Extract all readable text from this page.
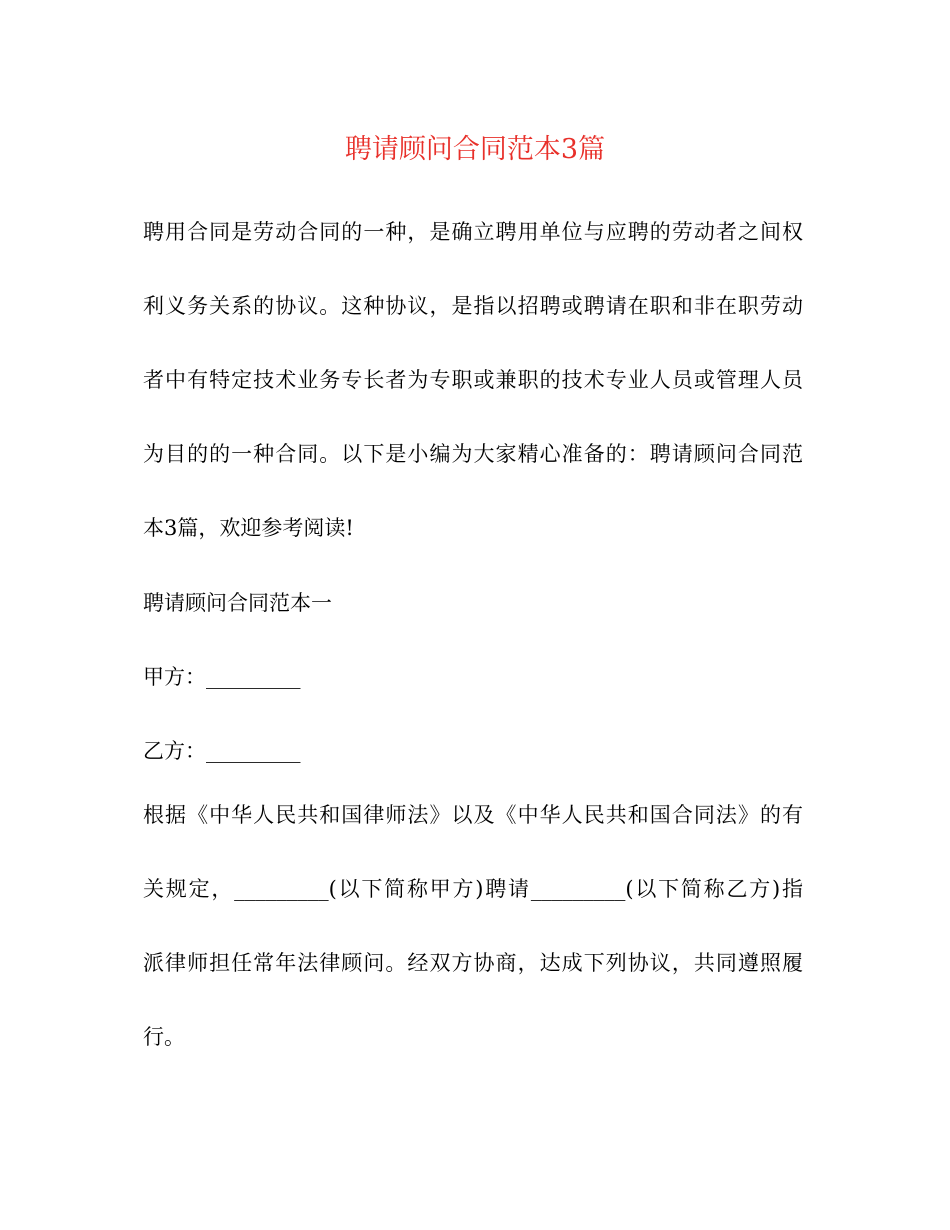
聘请顾问合同范本3篇
聘用合同是劳动合同的一种，是确立聘用单位与应聘的劳动者之间权
利义务关系的协议。这种协议，是指以招聘或聘请在职和非在职劳动
者中有特定技术业务专长者为专职或兼职的技术专业人员或管理人员
为目的的一种合同。以下是小编为大家精心准备的：聘请顾问合同范
本3篇，欢迎参考阅读!
聘请顾问合同范本一
甲方：_________
乙方：_________
根据《中华人民共和国律师法》以及《中华人民共和国合同法》的有
关规定，_________(以下简称甲方)聘请_________(以下简称乙方)指
派律师担任常年法律顾问。经双方协商，达成下列协议，共同遵照履
行。
